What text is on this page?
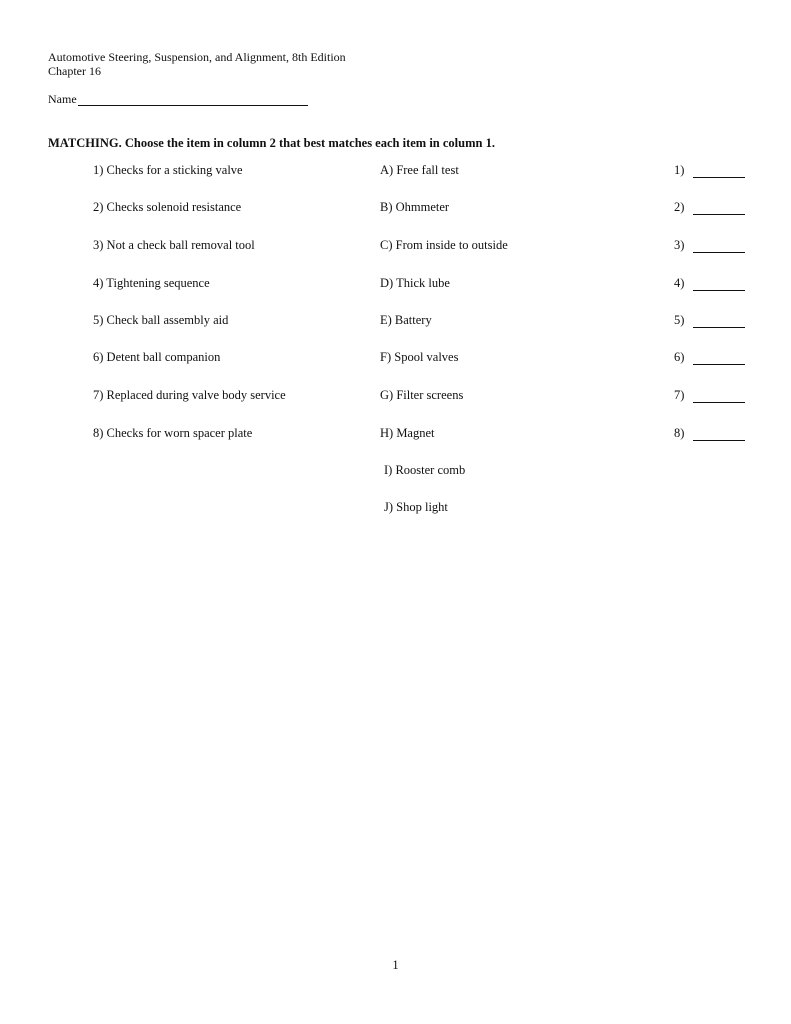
Automotive Steering, Suspension, and Alignment, 8th Edition
Chapter 16
Name
MATCHING. Choose the item in column 2 that best matches each item in column 1.
1) Checks for a sticking valve	A) Free fall test	1)
2) Checks solenoid resistance	B) Ohmmeter	2)
3) Not a check ball removal tool	C) From inside to outside	3)
4) Tightening sequence	D) Thick lube	4)
5) Check ball assembly aid	E) Battery	5)
6) Detent ball companion	F) Spool valves	6)
7) Replaced during valve body service	G) Filter screens	7)
8) Checks for worn spacer plate	H) Magnet	8)
I) Rooster comb
J) Shop light
1
